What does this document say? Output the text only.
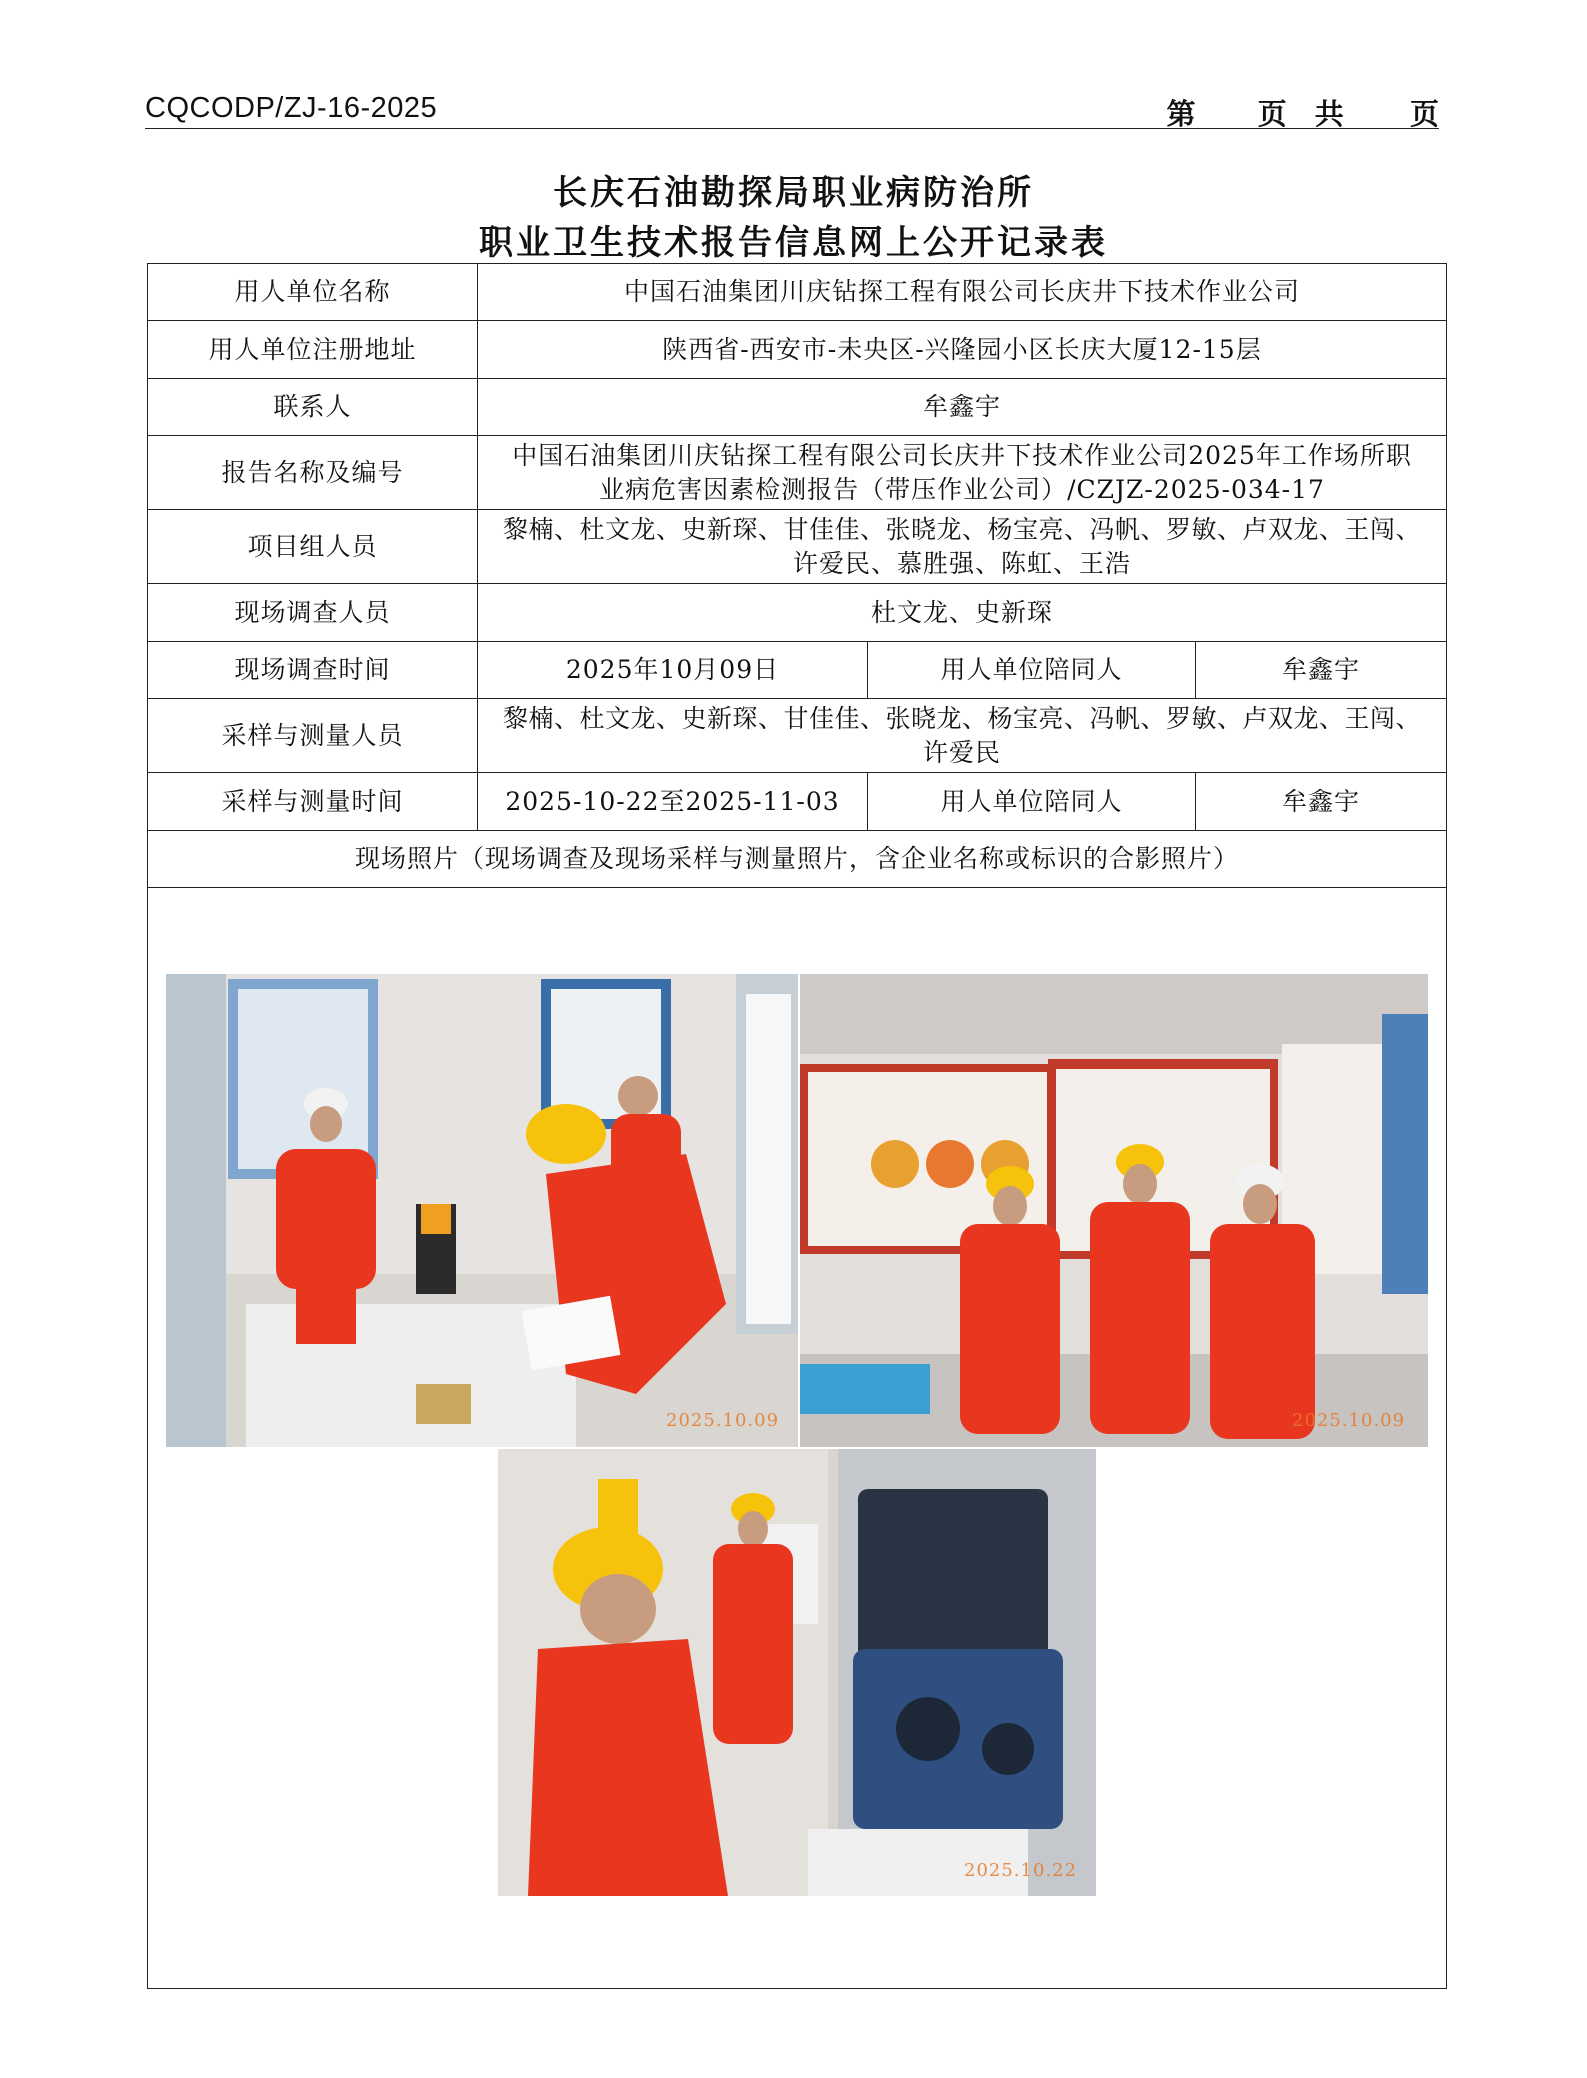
CQCODP/ZJ-16-2025	第 页共 页
长庆石油勘探局职业病防治所
职业卫生技术报告信息网上公开记录表
用人单位名称	中国石油集团川庆钻探工程有限公司长庆井下技术作业公司		
用人单位注册地址	陕西省-西安市-未央区-兴隆园小区长庆大厦12-15层		
联系人	牟鑫宇		
报告名称及编号	中国石油集团川庆钻探工程有限公司长庆井下技术作业公司2025年工作场所职
业病危害因素检测报告（带压作业公司）/CZJZ-2025-034-17		

项目组人员	黎楠、杜文龙、史新琛、甘佳佳、张晓龙、杨宝亮、冯帆、罗敏、卢双龙、王闯、
许爱民、慕胜强、陈虹、王浩		

现场调查人员	杜文龙、史新琛		
现场调查时间	2025年10月09日	用人单位陪同人	牟鑫宇
采样与测量人员	黎楠、杜文龙、史新琛、甘佳佳、张晓龙、杨宝亮、冯帆、罗敏、卢双龙、王闯、
许爱民		

采样与测量时间	2025-10-22至2025-11-03	用人单位陪同人	牟鑫宇
现场照片（现场调查及现场采样与测量照片，含企业名称或标识的合影照片）			

2025.10.09 2025.10.09
2025.10.22			
